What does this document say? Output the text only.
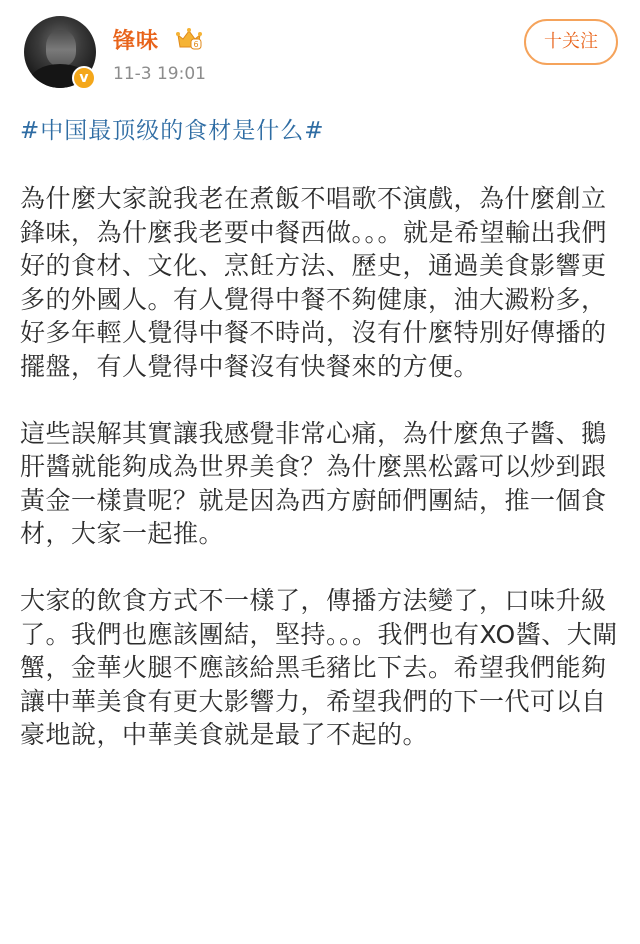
v
锋味	6
11-3 19:01
十关注
#中国最顶级的食材是什么#

為什麼大家說我老在煮飯不唱歌不演戲，為什麼創立鋒味，為什麼我老要中餐西做。。。就是希望輸出我們好的食材、文化、烹飪方法、歷史，通過美食影響更多的外國人。有人覺得中餐不夠健康，油大澱粉多，好多年輕人覺得中餐不時尚，沒有什麼特別好傳播的擺盤，有人覺得中餐沒有快餐來的方便。

這些誤解其實讓我感覺非常心痛，為什麼魚子醬、鵝肝醬就能夠成為世界美食？為什麼黑松露可以炒到跟黃金一樣貴呢？就是因為西方廚師們團結，推一個食材，大家一起推。

大家的飲食方式不一樣了，傳播方法變了，口味升級了。我們也應該團結，堅持。。。我們也有XO醬、大閘蟹，金華火腿不應該給黑毛豬比下去。希望我們能夠讓中華美食有更大影響力，希望我們的下一代可以自豪地說，中華美食就是最了不起的。
